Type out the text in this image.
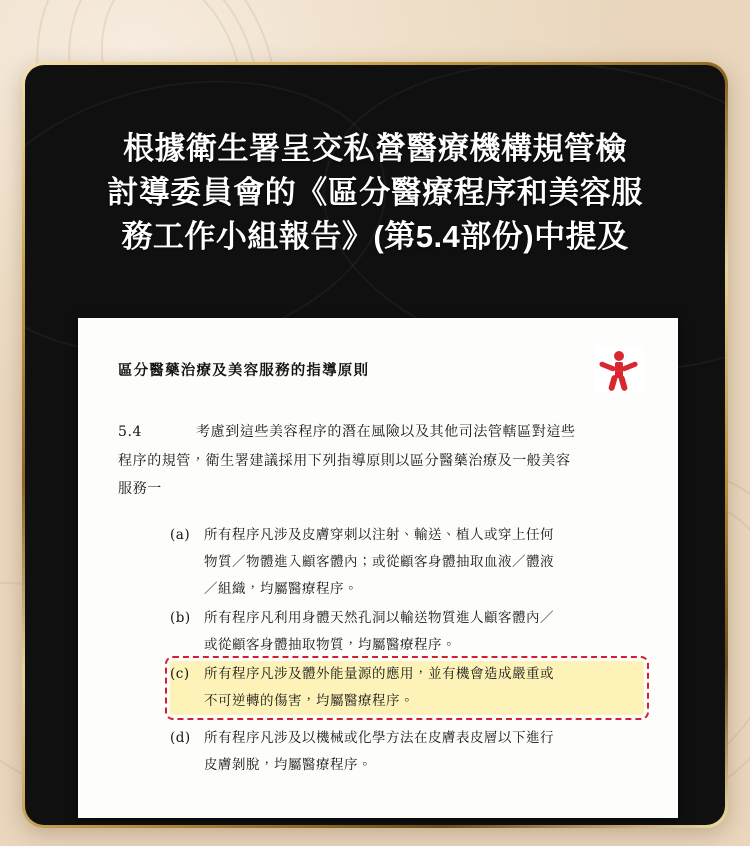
根據衛生署呈交私營醫療機構規管檢
討導委員會的《區分醫療程序和美容服
務工作小組報告》(第5.4部份)中提及
區分醫藥治療及美容服務的指導原則
5.4	考慮到這些美容程序的潛在風險以及其他司法管轄區對這些
程序的規管，衛生署建議採用下列指導原則以區分醫藥治療及一般美容
服務一
(a) 所有程序凡涉及皮膚穿刺以注射、輸送、植人或穿上任何
物質／物體進入顧客體內；或從顧客身體抽取血液／體液
／組織，均屬醫療程序。
(b) 所有程序凡利用身體天然孔洞以輸送物質進人顧客體內／
或從顧客身體抽取物質，均屬醫療程序。
(c) 所有程序凡涉及體外能量源的應用，並有機會造成嚴重或
不可逆轉的傷害，均屬醫療程序。
(d) 所有程序凡涉及以機械或化學方法在皮膚表皮層以下進行
皮膚剝脫，均屬醫療程序。
